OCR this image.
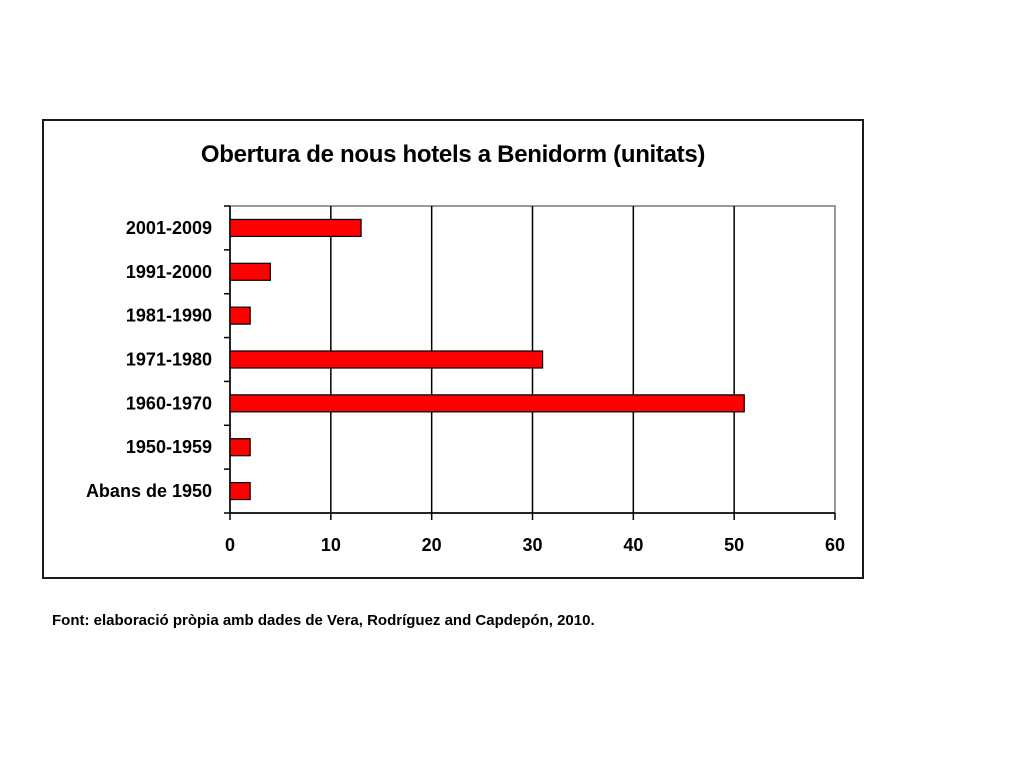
Obertura de nous hotels a Benidorm (unitats)
0	10	20	30	40	50	60
2001-2009
1991-2000
1981-1990
1971-1980
1960-1970
1950-1959
Abans de 1950
Font: elaboració pròpia amb dades de Vera, Rodríguez and Capdepón, 2010.
